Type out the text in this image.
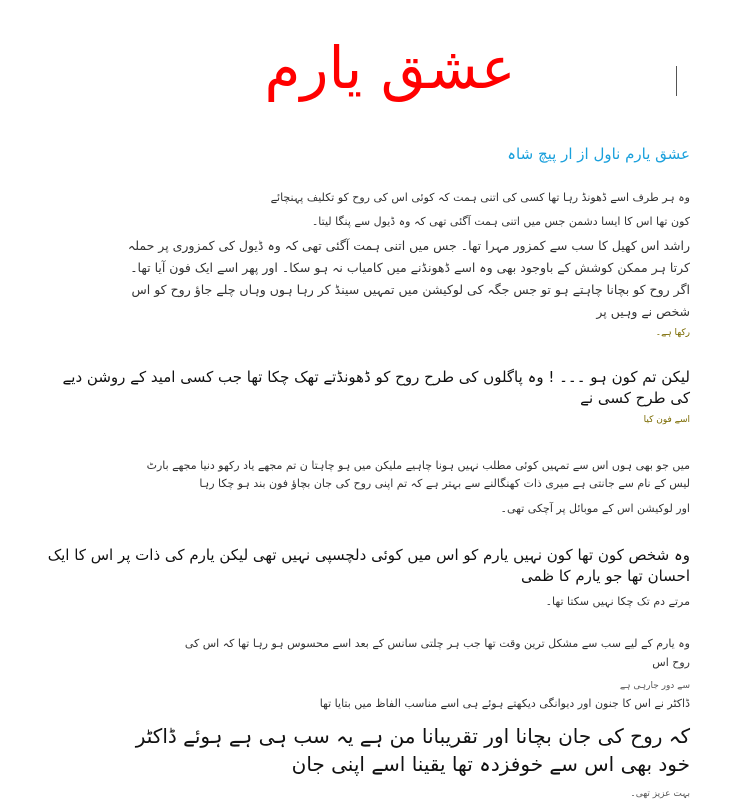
عشق یارم
عشق یارم ناول از ار پیچ شاہ
وہ ہر طرف اسے ڈھونڈ رہا تھا کسی کی اتنی ہمت کہ کوئی اس کی روح کو تکلیف پہنچائے
کون تھا اس کا ایسا دشمن جس میں اتنی ہمت آگئی تھی کہ وہ ڈیول سے پنگا لیتا۔
راشد اس کھیل کا سب سے کمزور مہرا تھا۔ جس میں اتنی ہمت آگئی تھی کہ وہ ڈیول کی کمزوری پر حملہ
کرتا ہر ممکن کوشش کے باوجود بھی وہ اسے ڈھونڈنے میں کامیاب نہ ہو سکا۔ اور پھر اسے ایک فون آیا تھا۔
اگر روح کو بچانا چاہتے ہو تو جس جگہ کی لوکیشن میں تمہیں سینڈ کر رہا ہوں وہاں چلے جاؤ روح کو اس
شخص نے وہیں پر
رکھا ہے۔
لیکن تم کون ہو ۔۔۔ ! وہ پاگلوں کی طرح روح کو ڈھونڈتے تھک چکا تھا جب کسی امید کے روشن دیے
کی طرح کسی نے
اسے فون کیا
میں جو بھی ہوں اس سے تمہیں کوئی مطلب نہیں ہونا چاہیے ملیکن میں ہو چاہتا ن تم مجھے یاد رکھو دنیا مجھے بارٹ
لیس کے نام سے جانتی ہے میری ذات کھنگالنے سے بہتر ہے کہ تم اپنی روح کی جان بچاؤ فون بند ہو چکا رہا
اور لوکیشن اس کے موبائل پر آچکی تھی۔
وہ شخص کون تھا کون نہیں یارم کو اس میں کوئی دلچسپی نہیں تھی لیکن یارم کی ذات پر اس کا ایک
احسان تھا جو یارم کا ظمی
مرتے دم تک چکا نہیں سکتا تھا۔
وہ یارم کے لیے سب سے مشکل ترین وقت تھا جب ہر چلتی سانس کے بعد اسے محسوس ہو رہا تھا کہ اس کی
روح اس
سے دور جارہی ہے
ڈاکٹر نے اس کا جنون اور دیوانگی دیکھتے ہوئے ہی اسے مناسب الفاظ میں بتایا تھا
کہ روح کی جان بچانا اور تقریبانا من ہے یہ سب ہی ہے ہوئے ڈاکٹر
خود بھی اس سے خوفزدہ تھا یقینا اسے اپنی جان
بہت عزیز تھی۔
